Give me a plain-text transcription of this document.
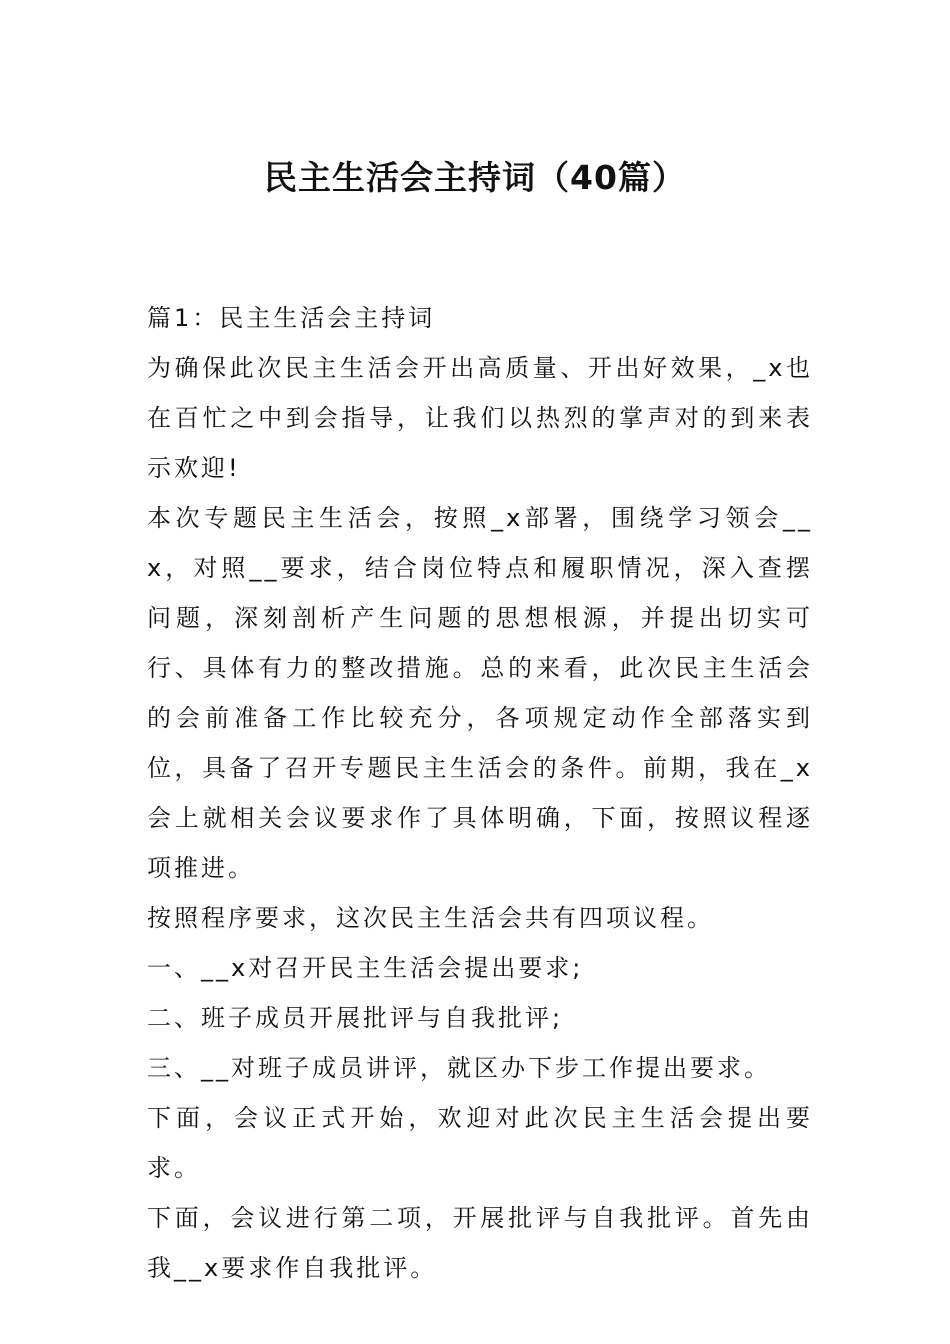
民主生活会主持词（40篇）

篇1：民主生活会主持词

为确保此次民主生活会开出高质量、开出好效果，_x也在百忙之中到会指导，让我们以热烈的掌声对的到来表示欢迎!

本次专题民主生活会，按照_x部署，围绕学习领会__x，对照__要求，结合岗位特点和履职情况，深入查摆问题，深刻剖析产生问题的思想根源，并提出切实可行、具体有力的整改措施。总的来看，此次民主生活会的会前准备工作比较充分，各项规定动作全部落实到位，具备了召开专题民主生活会的条件。前期，我在_x会上就相关会议要求作了具体明确，下面，按照议程逐项推进。

按照程序要求，这次民主生活会共有四项议程。

一、__x对召开民主生活会提出要求;

二、班子成员开展批评与自我批评;

三、__对班子成员讲评，就区办下步工作提出要求。

下面，会议正式开始，欢迎对此次民主生活会提出要求。

下面，会议进行第二项，开展批评与自我批评。首先由我__x要求作自我批评。
